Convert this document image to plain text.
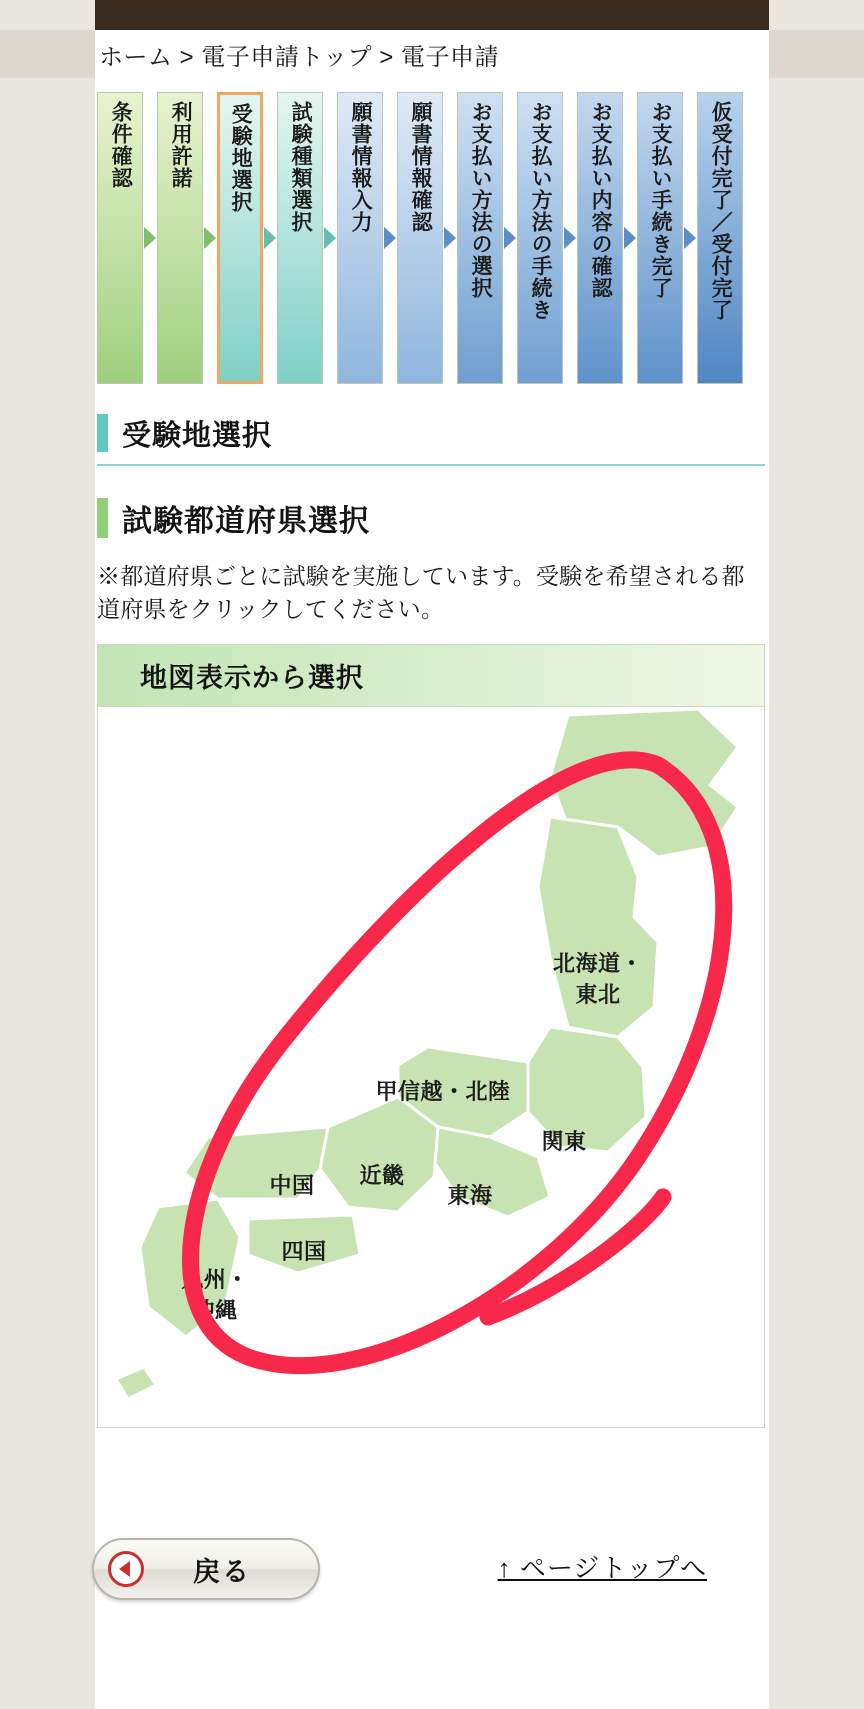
ホーム > 電子申請トップ > 電子申請
条件確認 利用許諾 受験地選択 試験種類選択 願書情報入力 願書情報確認 お支払い方法の選択 お支払い方法の手続き お支払い内容の確認 お支払い手続き完了 仮受付完了／受付完了
受験地選択
試験都道府県選択
※都道府県ごとに試験を実施しています。受験を希望される都道府県をクリックしてください。
地図表示から選択
北海道・
東北
甲信越・北陸
関東
中国	近畿
東海
四国
九州・
沖縄
戻る	↑ ページトップへ
